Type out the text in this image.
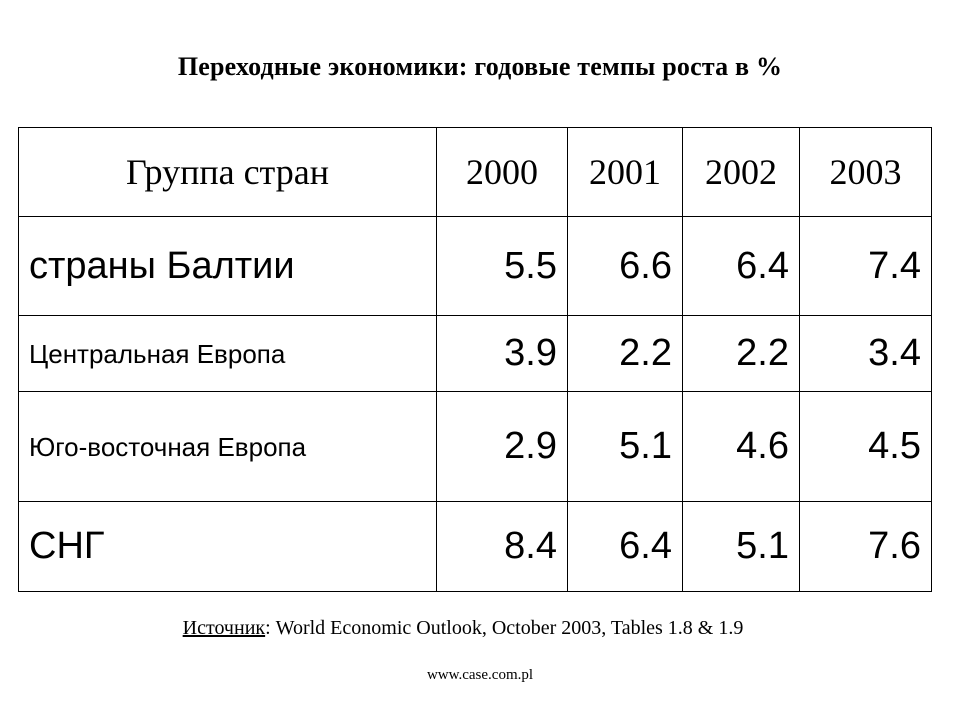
Переходные экономики: годовые темпы роста в %
Группа стран	2000	2001	2002	2003
страны Балтии	5.5	6.6	6.4	7.4
Центральная Европа	3.9	2.2	2.2	3.4
Юго-восточная Европа	2.9	5.1	4.6	4.5
СНГ	8.4	6.4	5.1	7.6
Источник: World Economic Outlook, October 2003, Tables 1.8 & 1.9
www.case.com.pl
